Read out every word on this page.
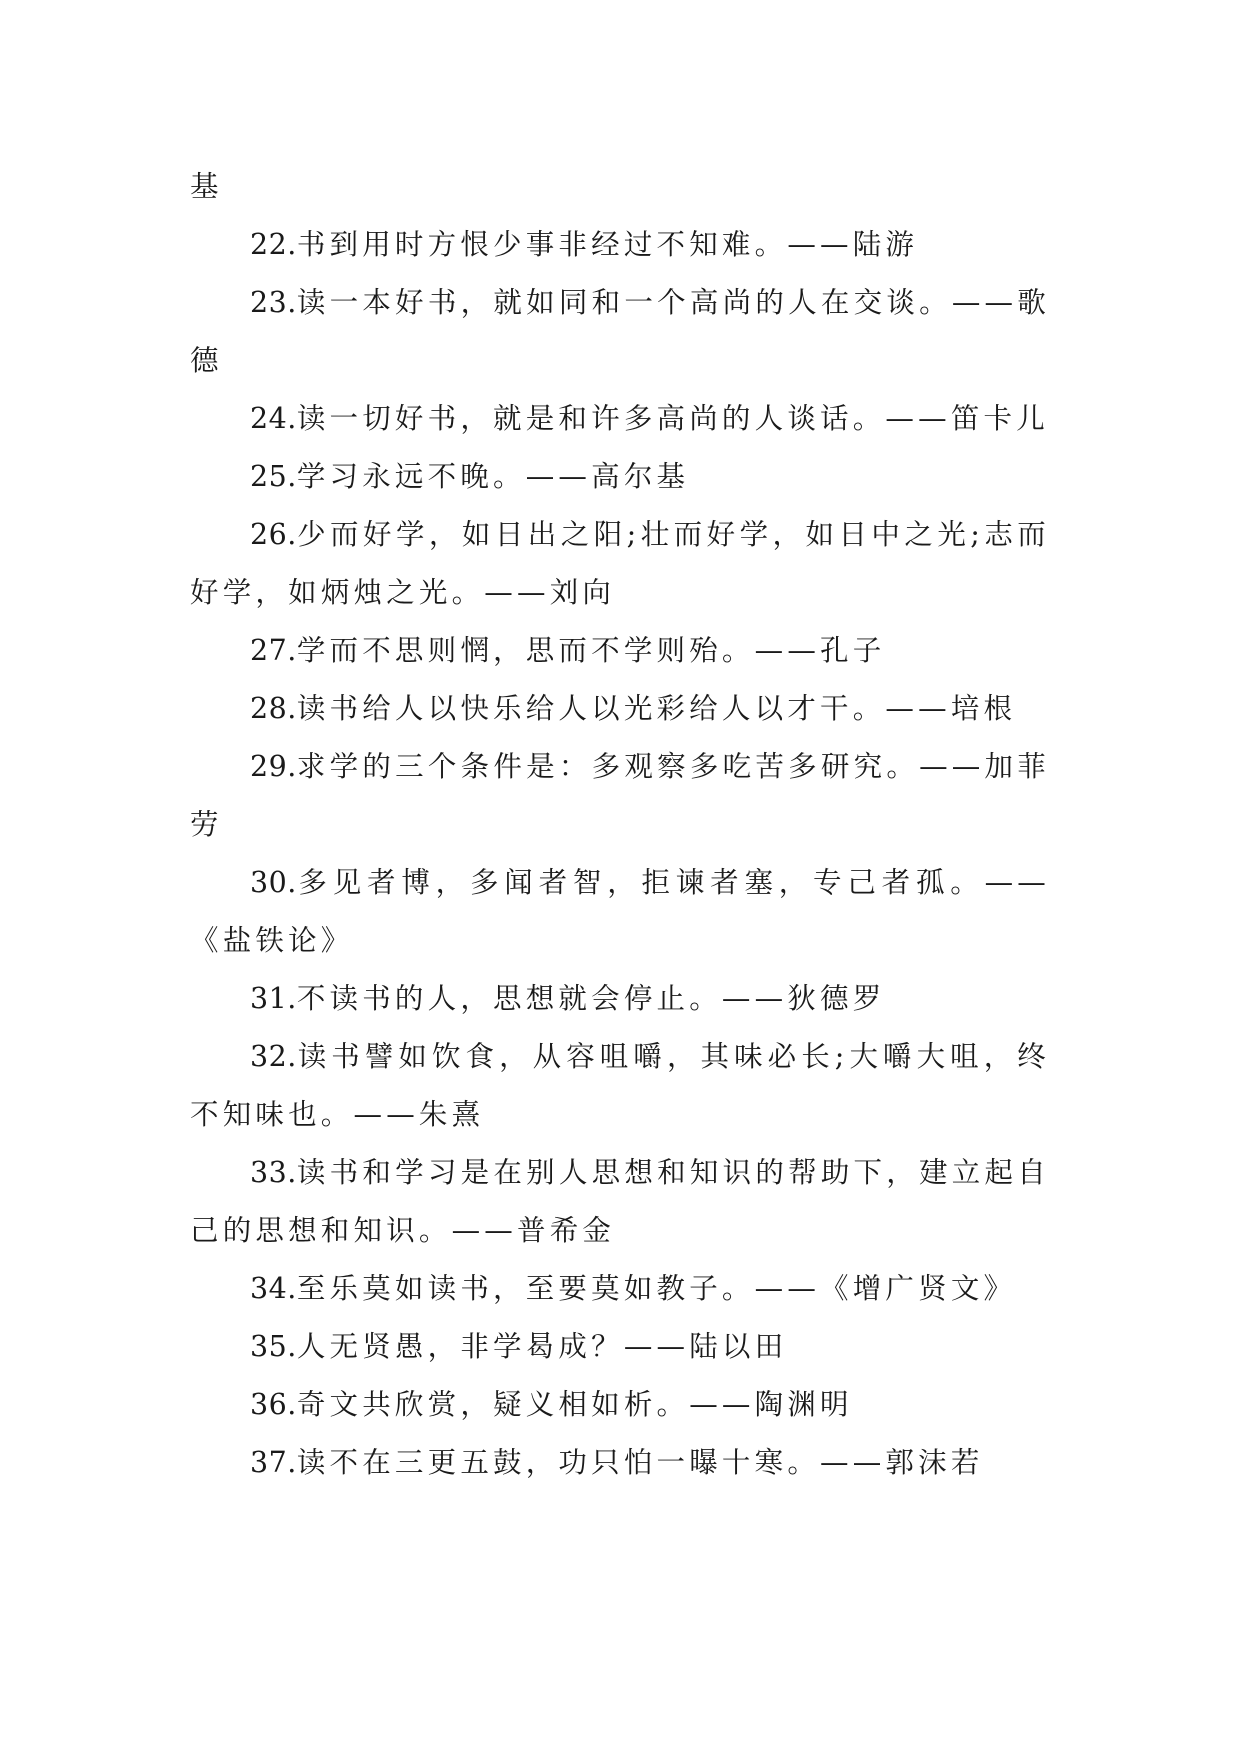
基

22.书到用时方恨少事非经过不知难。——陆游

23.读一本好书，就如同和一个高尚的人在交谈。——歌德

24.读一切好书，就是和许多高尚的人谈话。——笛卡儿

25.学习永远不晚。——高尔基

26.少而好学，如日出之阳;壮而好学，如日中之光;志而好学，如炳烛之光。——刘向

27.学而不思则惘，思而不学则殆。——孔子

28.读书给人以快乐给人以光彩给人以才干。——培根

29.求学的三个条件是：多观察多吃苦多研究。——加菲劳

30.多见者博，多闻者智，拒谏者塞，专己者孤。——《盐铁论》

31.不读书的人，思想就会停止。——狄德罗

32.读书譬如饮食，从容咀嚼，其味必长;大嚼大咀，终不知味也。——朱熹

33.读书和学习是在别人思想和知识的帮助下，建立起自己的思想和知识。——普希金

34.至乐莫如读书，至要莫如教子。——《增广贤文》

35.人无贤愚，非学曷成？——陆以田

36.奇文共欣赏，疑义相如析。——陶渊明

37.读不在三更五鼓，功只怕一曝十寒。——郭沫若
